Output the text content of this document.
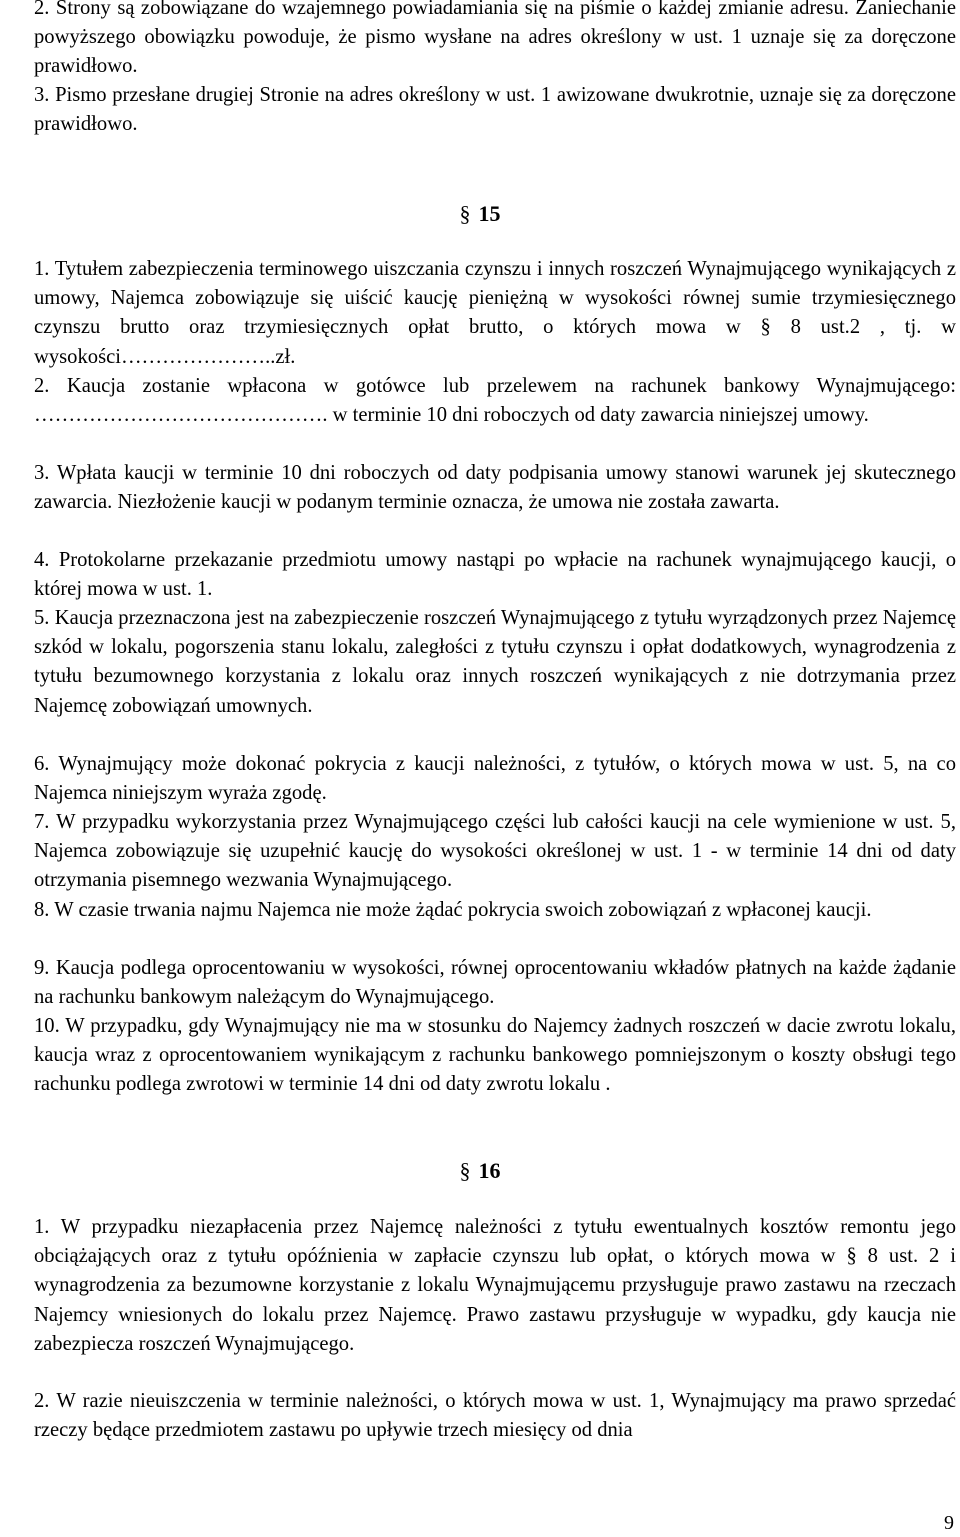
2. Strony są zobowiązane do wzajemnego powiadamiania się na piśmie o każdej zmianie adresu. Zaniechanie powyższego obowiązku powoduje, że pismo wysłane na adres określony w ust. 1 uznaje się za doręczone prawidłowo.

3. Pismo przesłane drugiej Stronie na adres określony w ust. 1 awizowane dwukrotnie, uznaje się za doręczone prawidłowo.

§ 15

1. Tytułem zabezpieczenia terminowego uiszczania czynszu i innych roszczeń Wynajmującego wynikających z umowy, Najemca zobowiązuje się uiścić kaucję pieniężną w wysokości równej sumie trzymiesięcznego czynszu brutto oraz trzymiesięcznych opłat brutto, o których mowa w § 8 ust.2 , tj. w wysokości…………………..zł.

2. Kaucja zostanie wpłacona w gotówce lub przelewem na rachunek bankowy Wynajmującego: ……………………………………. w terminie 10 dni roboczych od daty zawarcia niniejszej umowy.

3. Wpłata kaucji w terminie 10 dni roboczych od daty podpisania umowy stanowi warunek jej skutecznego zawarcia. Niezłożenie kaucji w podanym terminie oznacza, że umowa nie została zawarta.

4. Protokolarne przekazanie przedmiotu umowy nastąpi po wpłacie na rachunek wynajmującego kaucji, o której mowa w ust. 1.

5. Kaucja przeznaczona jest na zabezpieczenie roszczeń Wynajmującego z tytułu wyrządzonych przez Najemcę szkód w lokalu, pogorszenia stanu lokalu, zaległości z tytułu czynszu i opłat dodatkowych, wynagrodzenia z tytułu bezumownego korzystania z lokalu oraz innych roszczeń wynikających z nie dotrzymania przez Najemcę zobowiązań umownych.

6. Wynajmujący może dokonać pokrycia z kaucji należności, z tytułów, o których mowa w ust. 5, na co Najemca niniejszym wyraża zgodę.

7. W przypadku wykorzystania przez Wynajmującego części lub całości kaucji na cele wymienione w ust. 5, Najemca zobowiązuje się uzupełnić kaucję do wysokości określonej w ust. 1 - w terminie 14 dni od daty otrzymania pisemnego wezwania Wynajmującego.

8. W czasie trwania najmu Najemca nie może żądać pokrycia swoich zobowiązań z wpłaconej kaucji.

9. Kaucja podlega oprocentowaniu w wysokości, równej oprocentowaniu wkładów płatnych na każde żądanie na rachunku bankowym należącym do Wynajmującego.

10. W przypadku, gdy Wynajmujący nie ma w stosunku do Najemcy żadnych roszczeń w dacie zwrotu lokalu, kaucja wraz z oprocentowaniem wynikającym z rachunku bankowego pomniejszonym o koszty obsługi tego rachunku podlega zwrotowi w terminie 14 dni od daty zwrotu lokalu .

§ 16

1. W przypadku niezapłacenia przez Najemcę należności z tytułu ewentualnych kosztów remontu jego obciążających oraz z tytułu opóźnienia w zapłacie czynszu lub opłat, o których mowa w § 8 ust. 2 i wynagrodzenia za bezumowne korzystanie z lokalu Wynajmującemu przysługuje prawo zastawu na rzeczach Najemcy wniesionych do lokalu przez Najemcę. Prawo zastawu przysługuje w wypadku, gdy kaucja nie zabezpiecza roszczeń Wynajmującego.

2. W razie nieuiszczenia w terminie należności, o których mowa w ust. 1, Wynajmujący ma prawo sprzedać rzeczy będące przedmiotem zastawu po upływie trzech miesięcy od dnia

9
